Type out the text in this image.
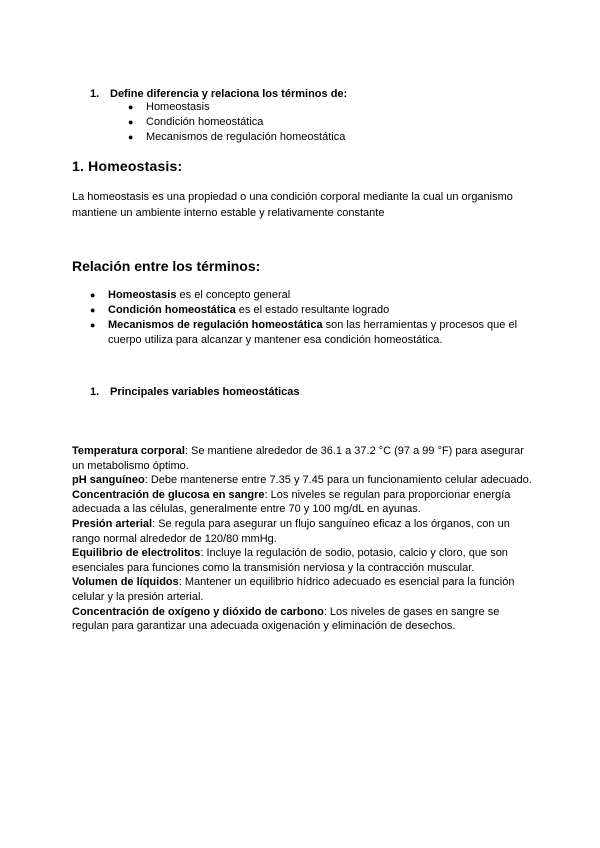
1. Define diferencia y relaciona los términos de:
● Homeostasis
● Condición homeostática
● Mecanismos de regulación homeostática
1. Homeostasis:
La homeostasis es una propiedad o una condición corporal mediante la cual un organismo mantiene un ambiente interno estable y relativamente constante
Relación entre los términos:
● Homeostasis es el concepto general
● Condición homeostática es el estado resultante logrado
● Mecanismos de regulación homeostática son las herramientas y procesos que el cuerpo utiliza para alcanzar y mantener esa condición homeostática.
1. Principales variables homeostáticas
Temperatura corporal: Se mantiene alrededor de 36.1 a 37.2 °C (97 a 99 °F) para asegurar un metabolismo óptimo.
pH sanguíneo: Debe mantenerse entre 7.35 y 7.45 para un funcionamiento celular adecuado.
Concentración de glucosa en sangre: Los niveles se regulan para proporcionar energía adecuada a las células, generalmente entre 70 y 100 mg/dL en ayunas.
Presión arterial: Se regula para asegurar un flujo sanguíneo eficaz a los órganos, con un rango normal alrededor de 120/80 mmHg.
Equilibrio de electrolitos: Incluye la regulación de sodio, potasio, calcio y cloro, que son esenciales para funciones como la transmisión nerviosa y la contracción muscular.
Volumen de líquidos: Mantener un equilibrio hídrico adecuado es esencial para la función celular y la presión arterial.
Concentración de oxígeno y dióxido de carbono: Los niveles de gases en sangre se regulan para garantizar una adecuada oxigenación y eliminación de desechos.
